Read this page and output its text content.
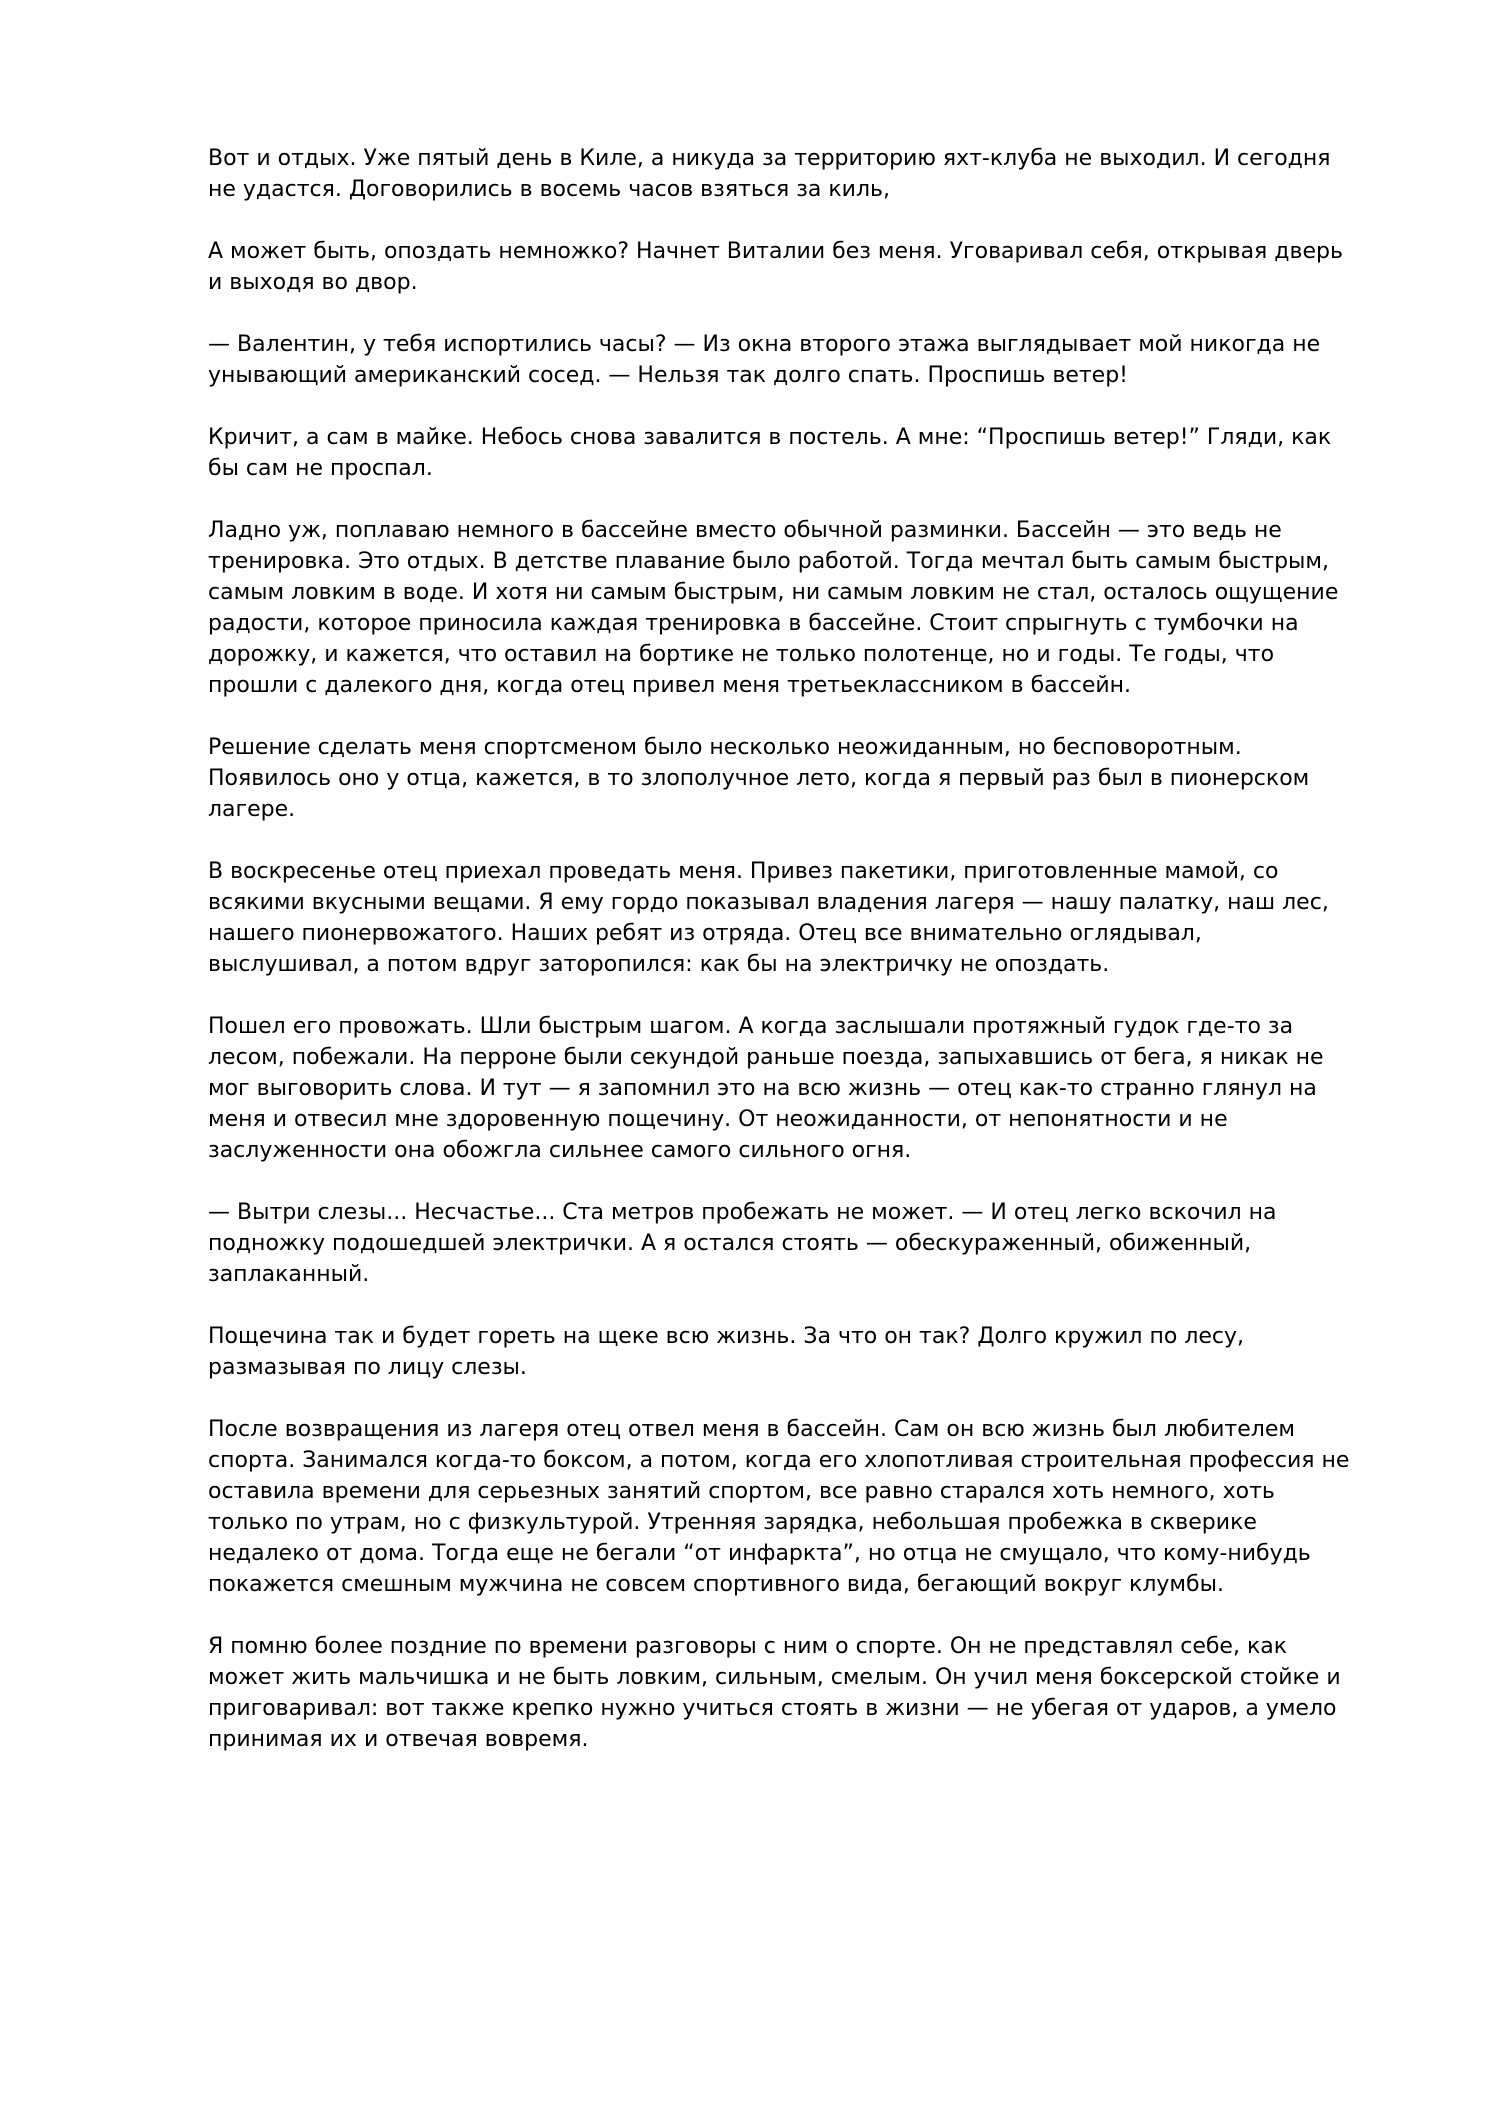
Вот и отдых. Уже пятый день в Киле, а никуда за территорию яхт-клуба не выходил. И сегодня не удастся. Договорились в восемь часов взяться за киль,

А может быть, опоздать немножко? Начнет Виталии без меня. Уговаривал себя, открывая дверь и выходя во двор.

— Валентин, у тебя испортились часы? — Из окна второго этажа выглядывает мой никогда не унывающий американский сосед. — Нельзя так долго спать. Проспишь ветер!

Кричит, а сам в майке. Небось снова завалится в постель. А мне: “Проспишь ветер!” Гляди, как бы сам не проспал.

Ладно уж, поплаваю немного в бассейне вместо обычной разминки. Бассейн — это ведь не тренировка. Это отдых. В детстве плавание было работой. Тогда мечтал быть самым быстрым, самым ловким в воде. И хотя ни самым быстрым, ни самым ловким не стал, осталось ощущение радости, которое приносила каждая тренировка в бассейне. Стоит спрыгнуть с тумбочки на дорожку, и кажется, что оставил на бортике не только полотенце, но и годы. Те годы, что прошли с далекого дня, когда отец привел меня третьеклассником в бассейн.

Решение сделать меня спортсменом было несколько неожиданным, но бесповоротным. Появилось оно у отца, кажется, в то злополучное лето, когда я первый раз был в пионерском лагере.

В воскресенье отец приехал проведать меня. Привез пакетики, приготовленные мамой, со всякими вкусными вещами. Я ему гордо показывал владения лагеря — нашу палатку, наш лес, нашего пионервожатого. Наших ребят из отряда. Отец все внимательно оглядывал, выслушивал, а потом вдруг заторопился: как бы на электричку не опоздать.

Пошел его провожать. Шли быстрым шагом. А когда заслышали протяжный гудок где-то за лесом, побежали. На перроне были секундой раньше поезда, запыхавшись от бега, я никак не мог выговорить слова. И тут — я запомнил это на всю жизнь — отец как-то странно глянул на меня и отвесил мне здоровенную пощечину. От неожиданности, от непонятности и не заслуженности она обожгла сильнее самого сильного огня.

— Вытри слезы... Несчастье... Ста метров пробежать не может. — И отец легко вскочил на подножку подошедшей электрички. А я остался стоять — обескураженный, обиженный, заплаканный.

Пощечина так и будет гореть на щеке всю жизнь. За что он так? Долго кружил по лесу, размазывая по лицу слезы.

После возвращения из лагеря отец отвел меня в бассейн. Сам он всю жизнь был любителем спорта. Занимался когда-то боксом, а потом, когда его хлопотливая строительная профессия не оставила времени для серьезных занятий спортом, все равно старался хоть немного, хоть только по утрам, но с физкультурой. Утренняя зарядка, небольшая пробежка в скверике недалеко от дома. Тогда еще не бегали “от инфаркта”, но отца не смущало, что кому-нибудь покажется смешным мужчина не совсем спортивного вида, бегающий вокруг клумбы.

Я помню более поздние по времени разговоры с ним о спорте. Он не представлял себе, как может жить мальчишка и не быть ловким, сильным, смелым. Он учил меня боксерской стойке и приговаривал: вот также крепко нужно учиться стоять в жизни — не убегая от ударов, а умело принимая их и отвечая вовремя.
